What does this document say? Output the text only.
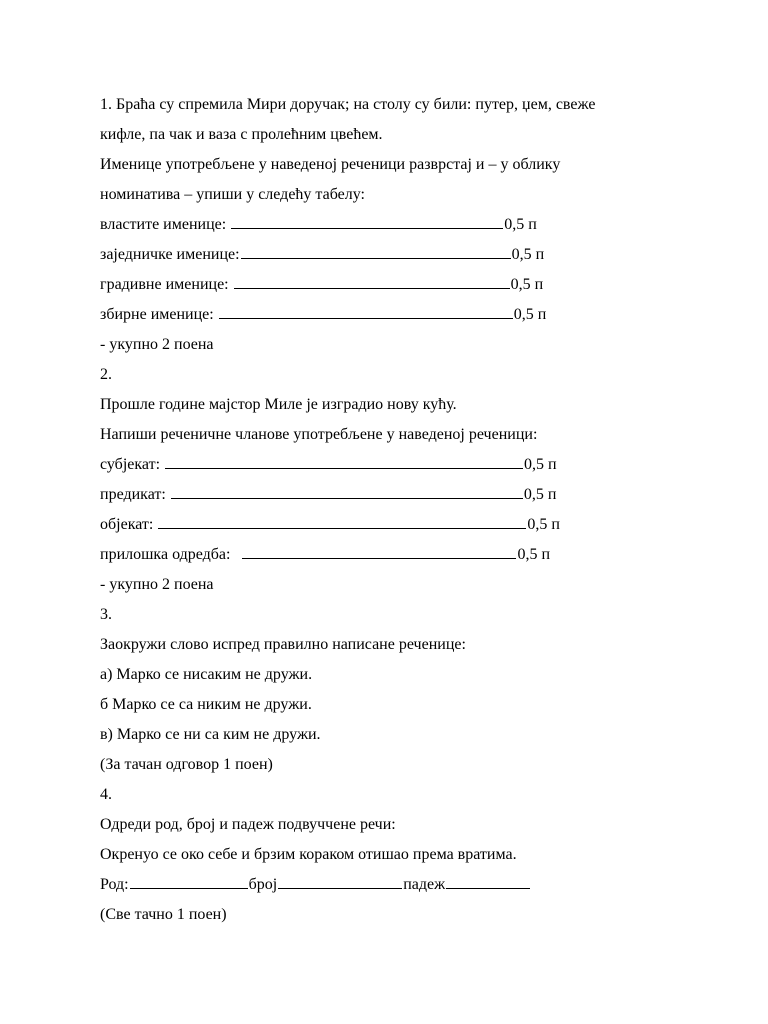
1. Браћа су спремила Мири доручак; на столу су били: путер, џем, свеже
кифле, па чак и ваза с пролећним цвећем.
Именице употребљене у наведеној реченици разврстај и – у облику
номинатива – упиши у следећу табелу:
властите именице:	0,5 п
заједничке именице:	0,5 п
градивне именице:	0,5 п
збирне именице:	0,5 п
- укупно 2 поена
2.
Прошле године мајстор Миле је изградио нову кућу.
Напиши реченичне чланове употребљене у наведеној реченици:
субјекат:	0,5 п
предикат:	0,5 п
објекат:	0,5 п
прилошка одредба:	0,5 п
- укупно 2 поена
3.
Заокружи слово испред правилно написане реченице:
а) Марко се нисаким не дружи.
б Марко се са никим не дружи.
в) Марко се ни са ким не дружи.
(За тачан одговор 1 поен)
4.
Одреди род, број и падеж подвуччене речи:
Окренуо се око себе и брзим кораком отишао према вратима.
Род:	број	падеж
(Све тачно 1 поен)
